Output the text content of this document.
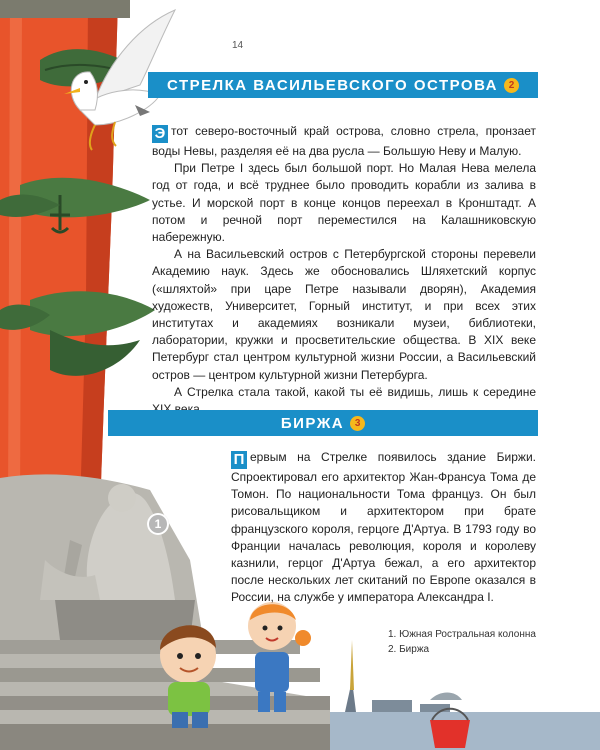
14
СТРЕЛКА ВАСИЛЬЕВСКОГО ОСТРОВА	2

Э тот северо-восточный край острова, словно стрела, пронзает воды Невы, разделяя её на два русла — Большую Неву и Малую.

При Петре I здесь был большой порт. Но Малая Нева мелела год от года, и всё труднее было проводить корабли из залива в устье. И морской порт в конце концов переехал в Кронштадт. А потом и речной порт переместился на Калашниковскую набережную.

А на Васильевский остров с Петербургской стороны перевели Академию наук. Здесь же обосновались Шляхетский корпус («шляхтой» при царе Петре называли дворян), Академия художеств, Университет, Горный институт, и при всех этих институтах и академиях возникали музеи, библиотеки, лаборатории, кружки и просветительские общества. В XIX веке Петербург стал центром культурной жизни России, а Васильевский остров — центром культурной жизни Петербурга.

А Стрелка стала такой, какой ты её видишь, лишь к середине

БИРЖА	3

П ервым на Стрелке появилось здание Биржи. Спроектировал его архитектор Жан-Франсуа Тома де Томон. По национальности Тома француз. Он был рисовальщиком и архитектором при брате французского короля, герцоге Д'Артуа. В 1793 году во Франции началась революция, короля и королеву казнили, герцог Д'Артуа бежал, а его архитектор после нескольких лет скитаний по Европе оказался в России, на службе у императора Александра I.

1
1. Южная Ростральная колонна
2. Биржа
